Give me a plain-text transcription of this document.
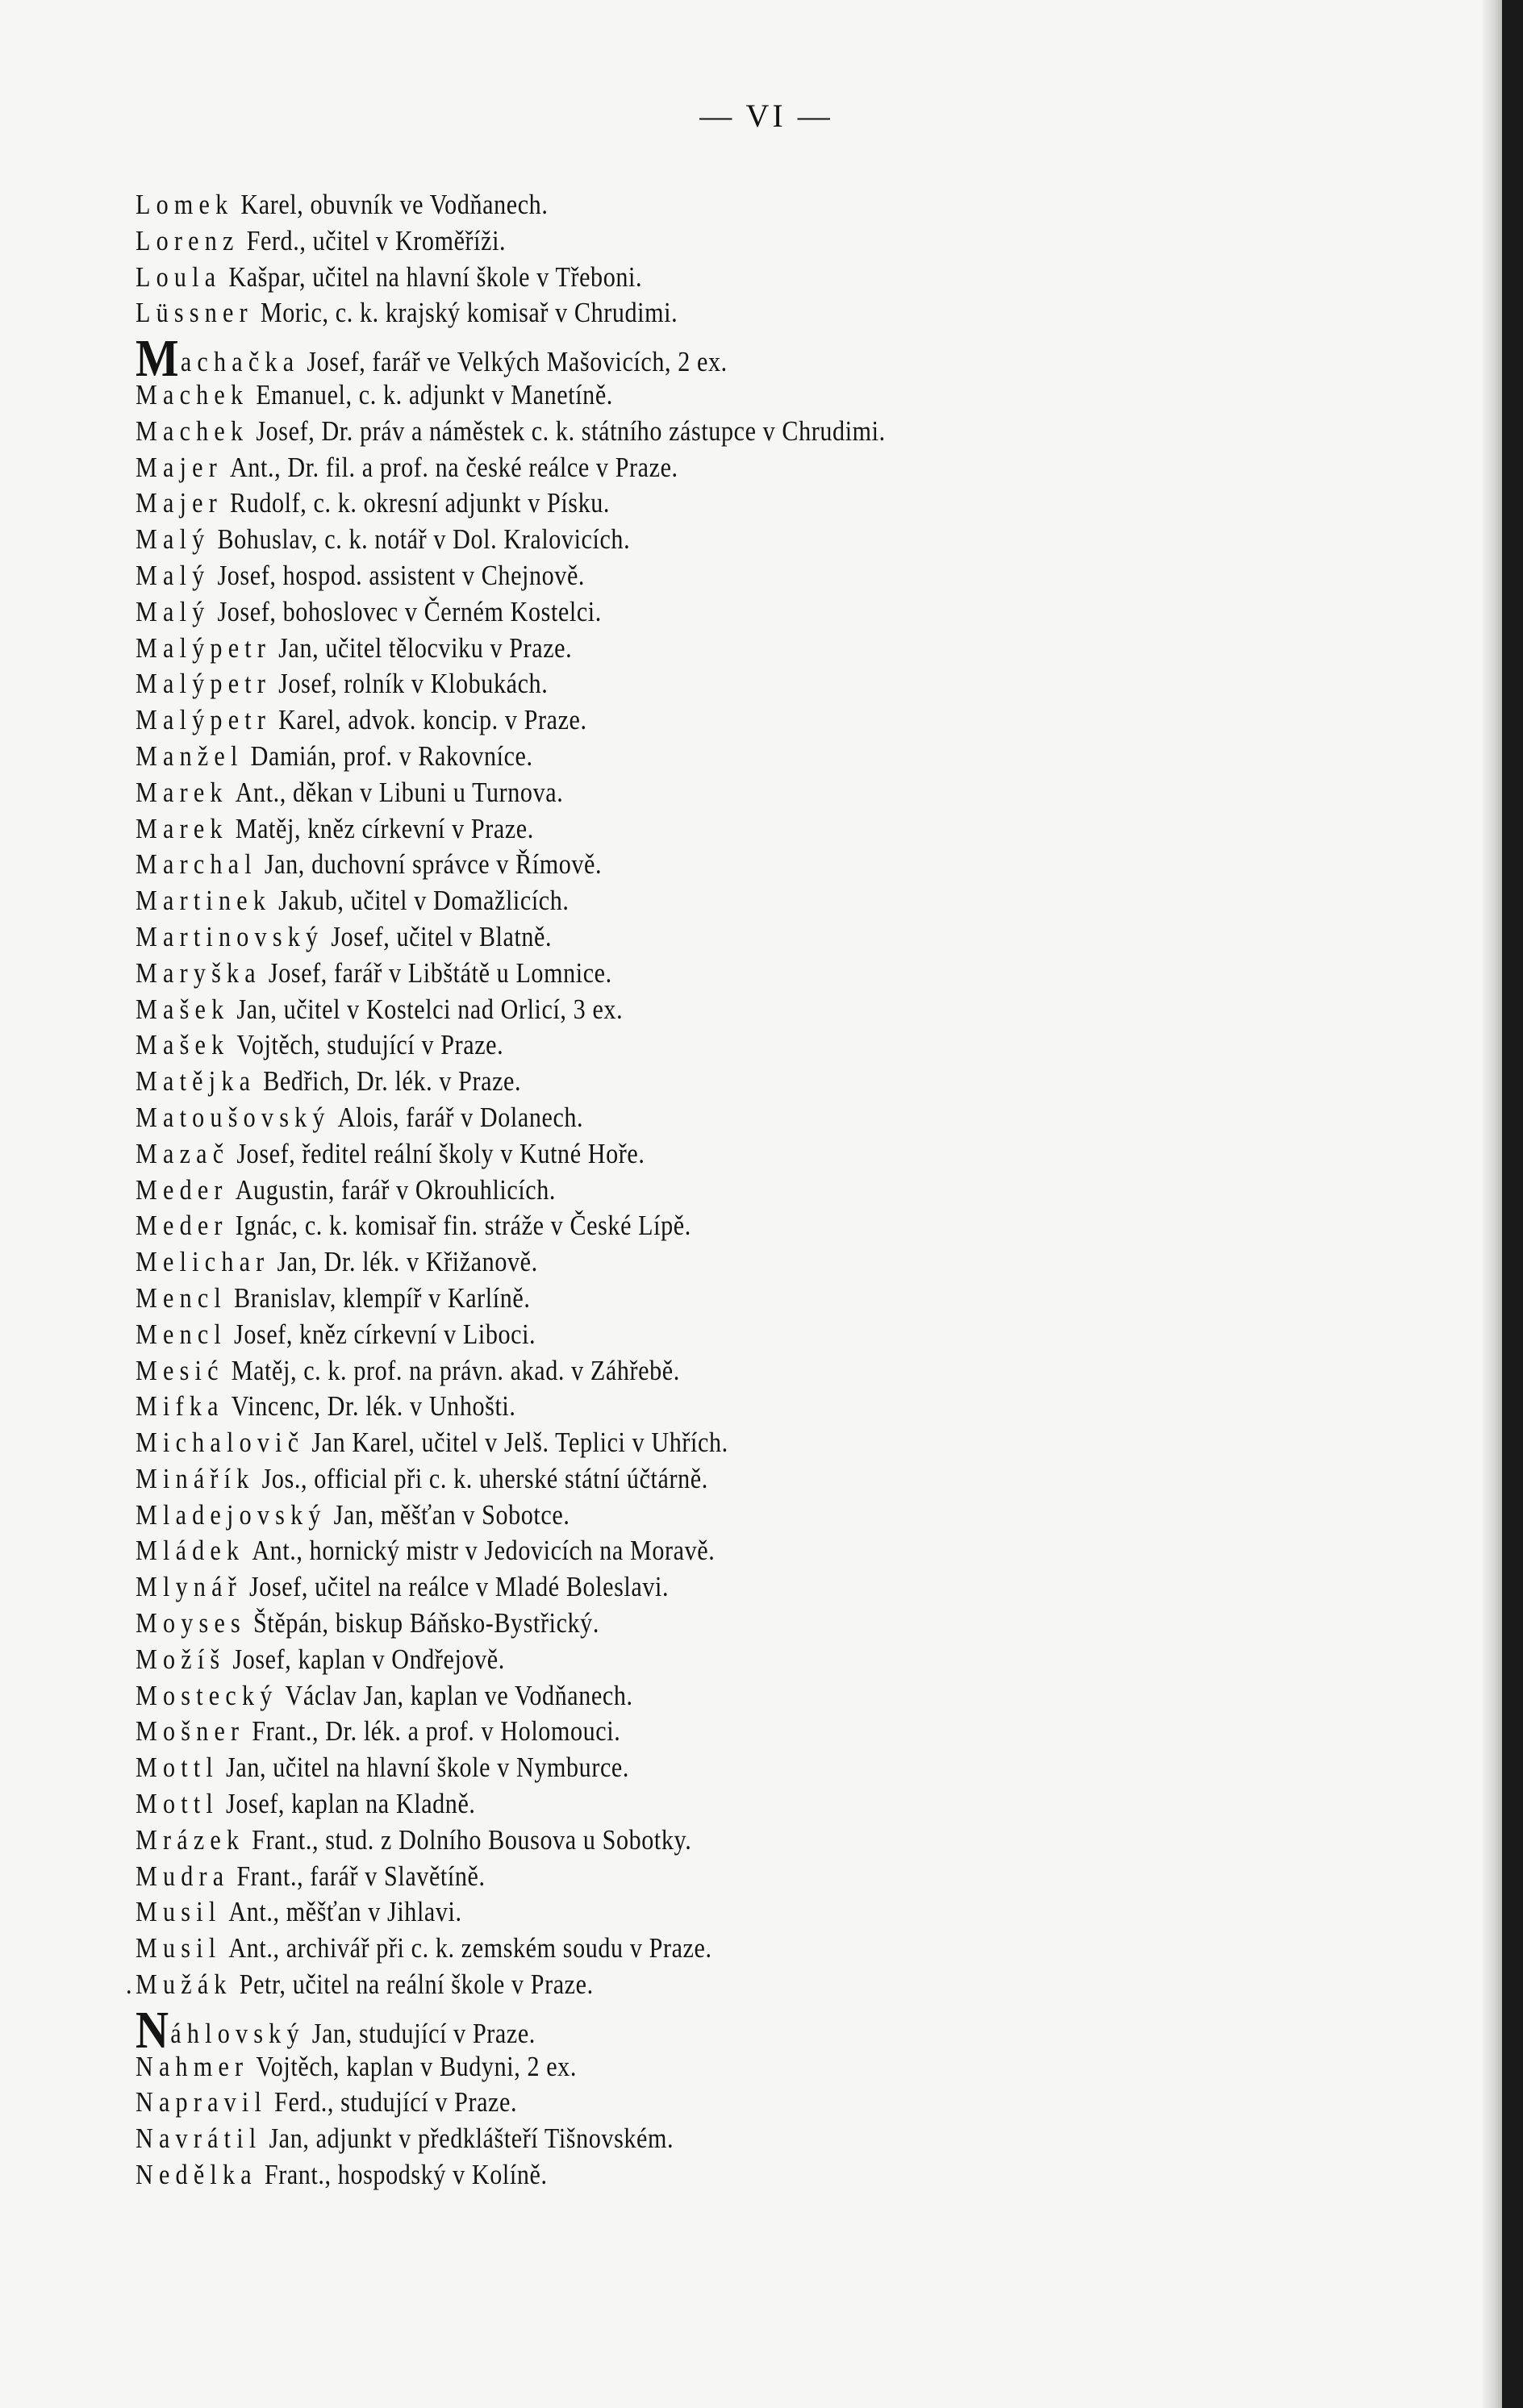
— VI —
Lomek Karel, obuvník ve Vodňanech.
Lorenz Ferd., učitel v Kroměříži.
Loula Kašpar, učitel na hlavní škole v Třeboni.
Lüssner Moric, c. k. krajský komisař v Chrudimi.
Machačka Josef, farář ve Velkých Mašovicích, 2 ex.
Machek Emanuel, c. k. adjunkt v Manetíně.
Machek Josef, Dr. práv a náměstek c. k. státního zástupce v Chrudimi.
Majer Ant., Dr. fil. a prof. na české reálce v Praze.
Majer Rudolf, c. k. okresní adjunkt v Písku.
Malý Bohuslav, c. k. notář v Dol. Kralovicích.
Malý Josef, hospod. assistent v Chejnově.
Malý Josef, bohoslovec v Černém Kostelci.
Malýpetr Jan, učitel tělocviku v Praze.
Malýpetr Josef, rolník v Klobukách.
Malýpetr Karel, advok. koncip. v Praze.
Manžel Damián, prof. v Rakovníce.
Marek Ant., děkan v Libuni u Turnova.
Marek Matěj, kněz církevní v Praze.
Marchal Jan, duchovní správce v Římově.
Martinek Jakub, učitel v Domažlicích.
Martinovský Josef, učitel v Blatně.
Maryška Josef, farář v Libštátě u Lomnice.
Mašek Jan, učitel v Kostelci nad Orlicí, 3 ex.
Mašek Vojtěch, studující v Praze.
Matějka Bedřich, Dr. lék. v Praze.
Matoušovský Alois, farář v Dolanech.
Mazač Josef, ředitel reální školy v Kutné Hoře.
Meder Augustin, farář v Okrouhlicích.
Meder Ignác, c. k. komisař fin. stráže v České Lípě.
Melichar Jan, Dr. lék. v Křižanově.
Mencl Branislav, klempíř v Karlíně.
Mencl Josef, kněz církevní v Liboci.
Mesić Matěj, c. k. prof. na právn. akad. v Záhřebě.
Mifka Vincenc, Dr. lék. v Unhošti.
Michalovič Jan Karel, učitel v Jelš. Teplici v Uhřích.
Minářík Jos., official při c. k. uherské státní účtárně.
Mladejovský Jan, měšťan v Sobotce.
Mládek Ant., hornický mistr v Jedovicích na Moravě.
Mlynář Josef, učitel na reálce v Mladé Boleslavi.
Moyses Štěpán, biskup Báňsko-Bystřický.
Možíš Josef, kaplan v Ondřejově.
Mostecký Václav Jan, kaplan ve Vodňanech.
Mošner Frant., Dr. lék. a prof. v Holomouci.
Mottl Jan, učitel na hlavní škole v Nymburce.
Mottl Josef, kaplan na Kladně.
Mrázek Frant., stud. z Dolního Bousova u Sobotky.
Mudra Frant., farář v Slavětíně.
Musil Ant., měšťan v Jihlavi.
Musil Ant., archivář při c. k. zemském soudu v Praze.
. Mužák Petr, učitel na reální škole v Praze.
Náhlovský Jan, studující v Praze.
Nahmer Vojtěch, kaplan v Budyni, 2 ex.
Napravil Ferd., studující v Praze.
Navrátil Jan, adjunkt v předklášteří Tišnovském.
Nedělka Frant., hospodský v Kolíně.
